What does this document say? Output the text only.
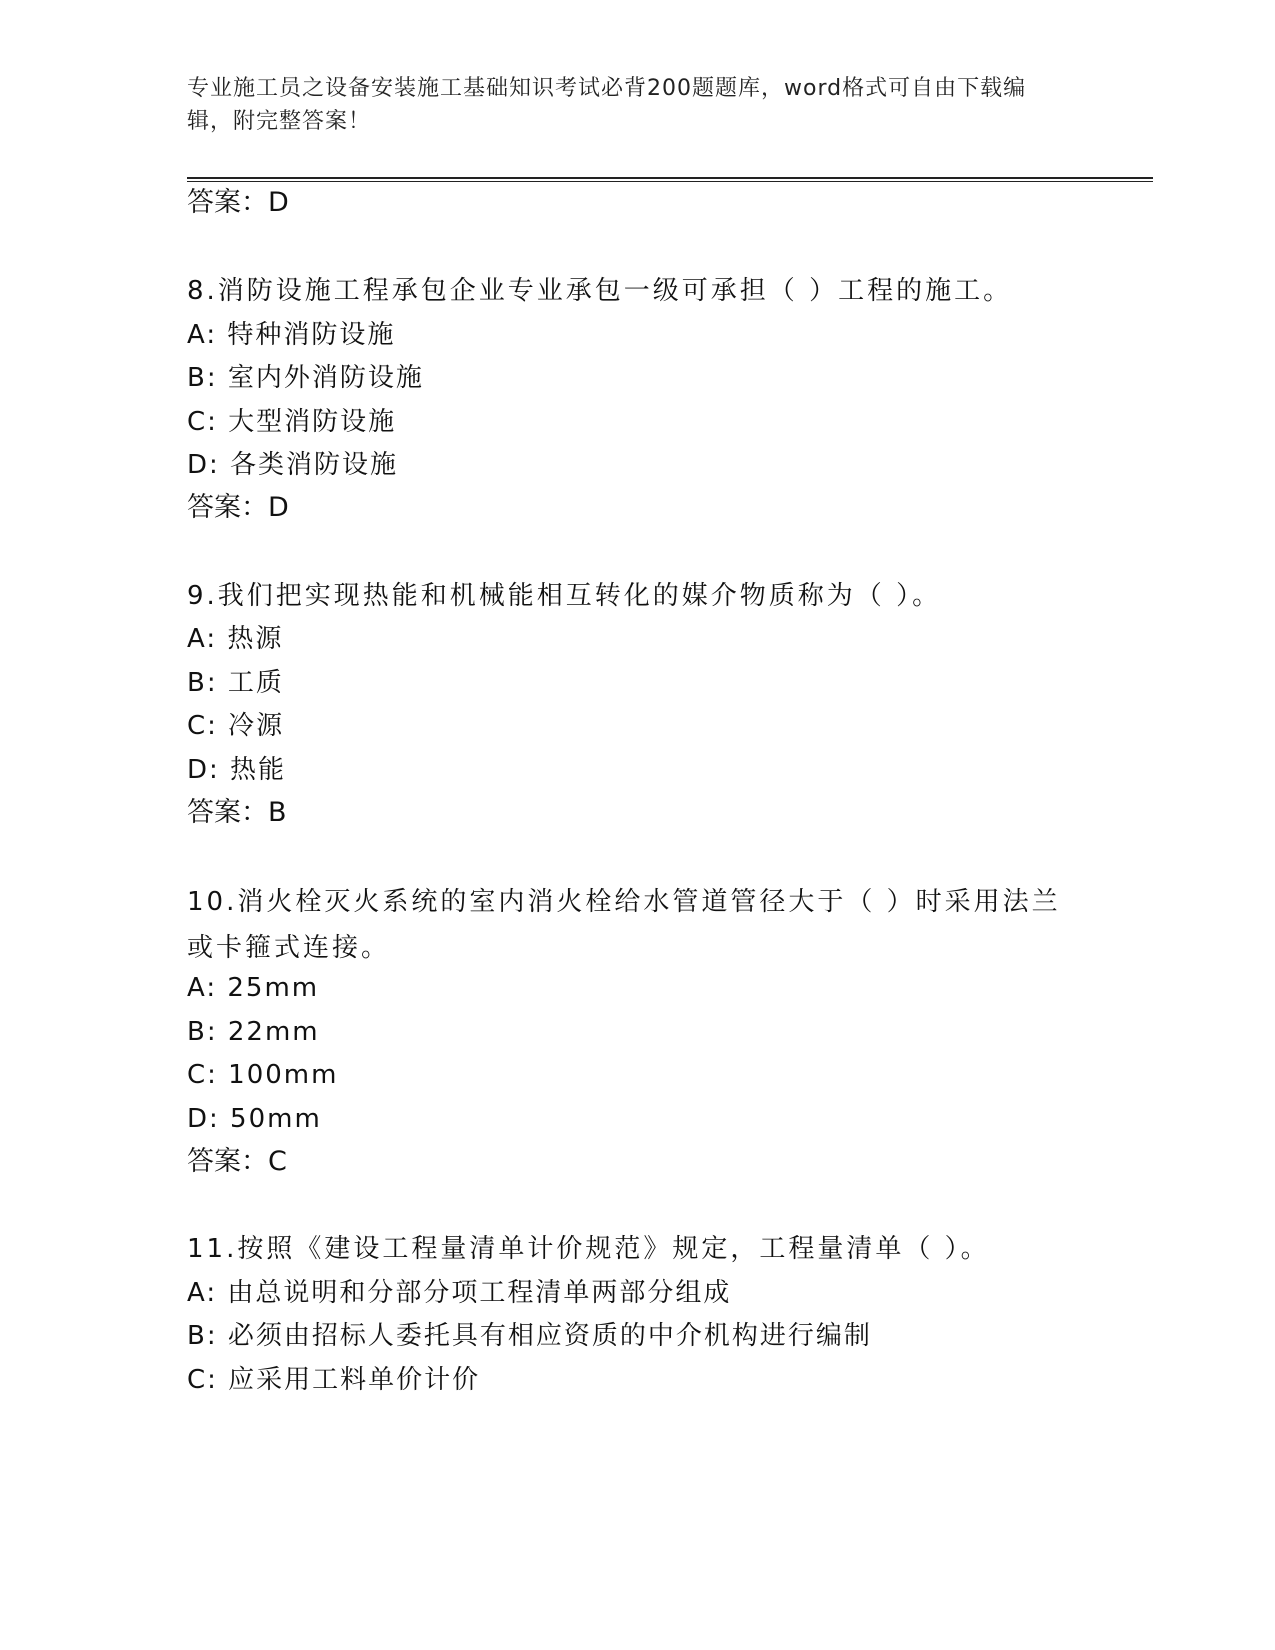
专业施工员之设备安装施工基础知识考试必背200题题库，word格式可自由下载编辑，附完整答案！
答案：D
8.消防设施工程承包企业专业承包一级可承担（ ）工程的施工。
A: 特种消防设施
B: 室内外消防设施
C: 大型消防设施
D: 各类消防设施
答案：D
9.我们把实现热能和机械能相互转化的媒介物质称为（ ）。
A: 热源
B: 工质
C: 冷源
D: 热能
答案：B
10.消火栓灭火系统的室内消火栓给水管道管径大于（ ）时采用法兰或卡箍式连接。
A: 25mm
B: 22mm
C: 100mm
D: 50mm
答案：C
11.按照《建设工程量清单计价规范》规定，工程量清单（ ）。
A: 由总说明和分部分项工程清单两部分组成
B: 必须由招标人委托具有相应资质的中介机构进行编制
C: 应采用工料单价计价
